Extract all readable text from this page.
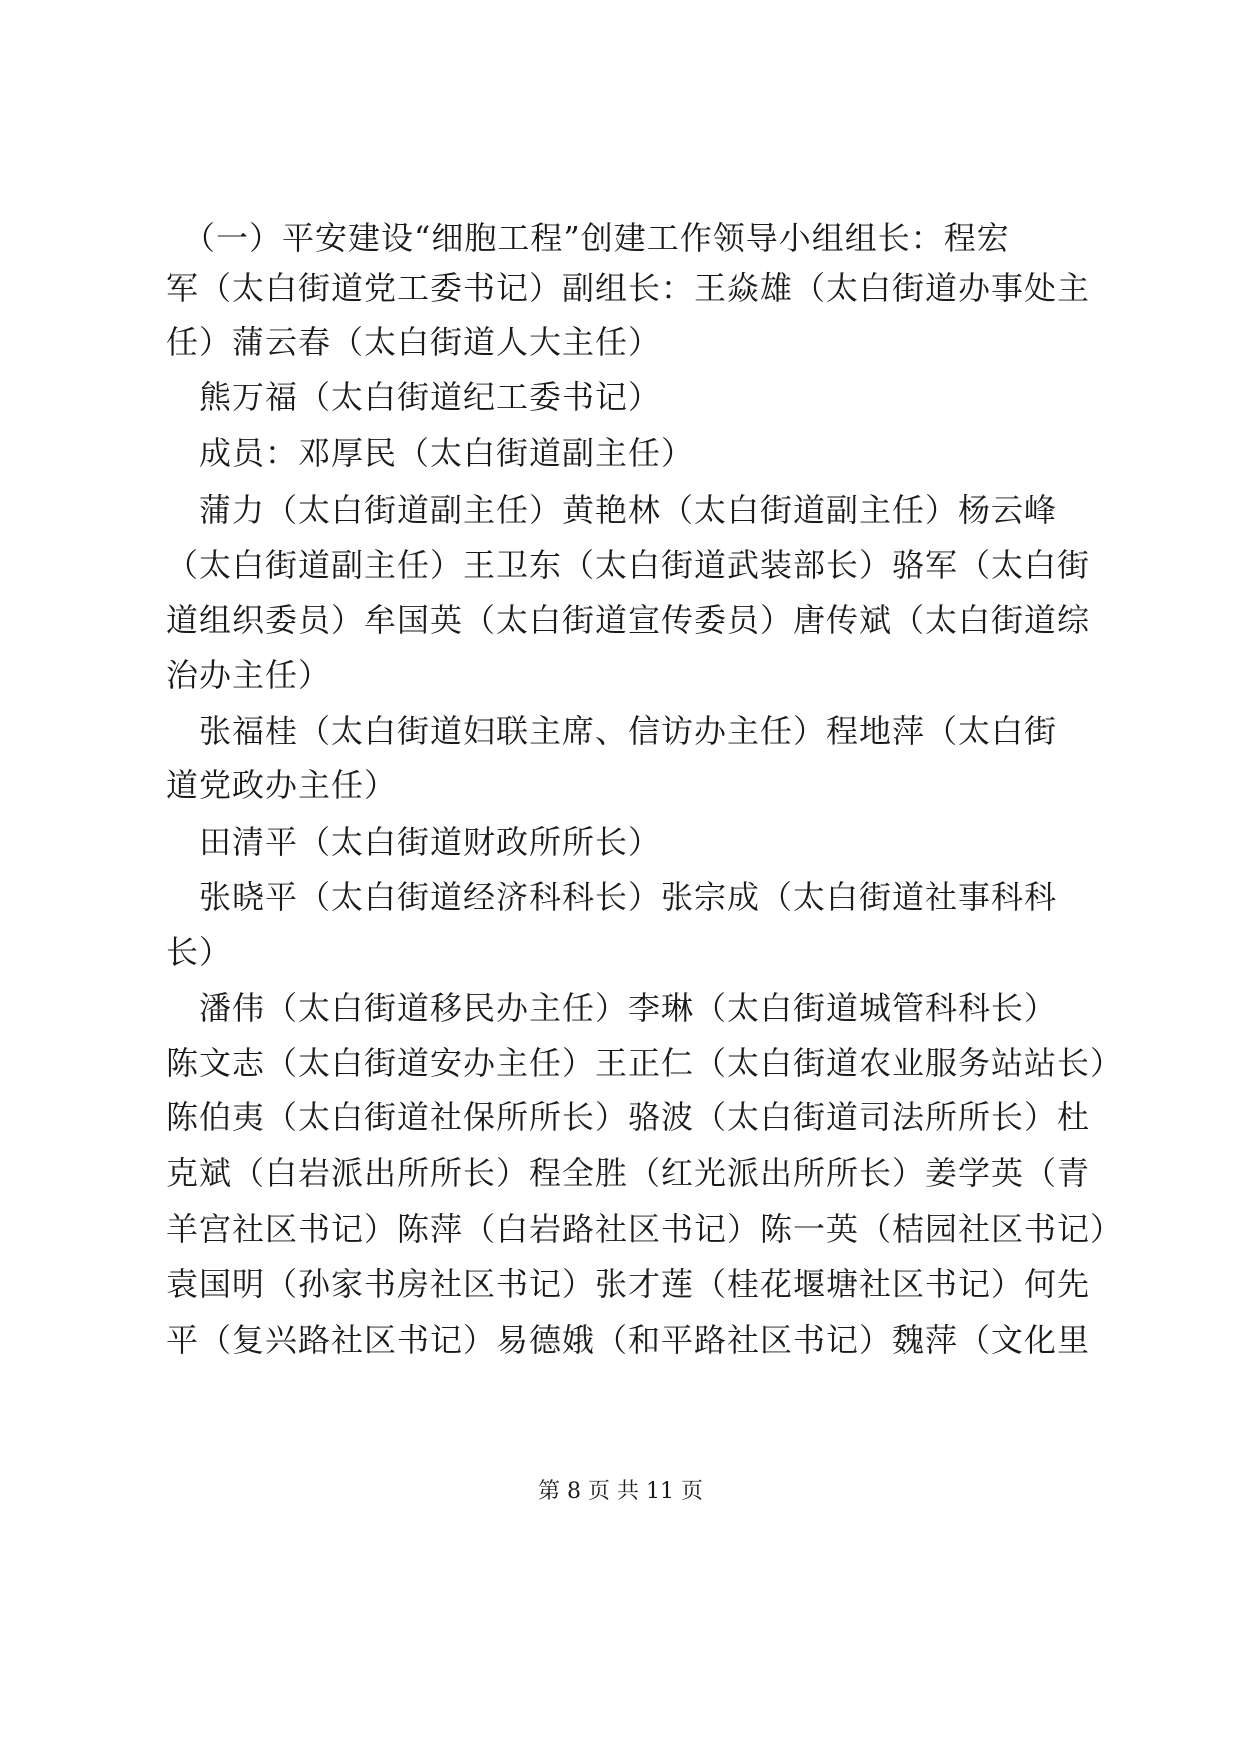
　（一）平安建设“细胞工程”创建工作领导小组组长：程宏
军（太白街道党工委书记）副组长：王焱雄（太白街道办事处主
任）蒲云春（太白街道人大主任）
　熊万福（太白街道纪工委书记）
　成员：邓厚民（太白街道副主任）
　蒲力（太白街道副主任）黄艳林（太白街道副主任）杨云峰
（太白街道副主任）王卫东（太白街道武装部长）骆军（太白街
道组织委员）牟国英（太白街道宣传委员）唐传斌（太白街道综
治办主任）
　张福桂（太白街道妇联主席、信访办主任）程地萍（太白街
道党政办主任）
　田清平（太白街道财政所所长）
　张晓平（太白街道经济科科长）张宗成（太白街道社事科科
长）
　潘伟（太白街道移民办主任）李琳（太白街道城管科科长）
陈文志（太白街道安办主任）王正仁（太白街道农业服务站站长）
陈伯夷（太白街道社保所所长）骆波（太白街道司法所所长）杜
克斌（白岩派出所所长）程全胜（红光派出所所长）姜学英（青
羊宫社区书记）陈萍（白岩路社区书记）陈一英（桔园社区书记）
袁国明（孙家书房社区书记）张才莲（桂花堰塘社区书记）何先
平（复兴路社区书记）易德娥（和平路社区书记）魏萍（文化里
第 8 页 共 11 页
